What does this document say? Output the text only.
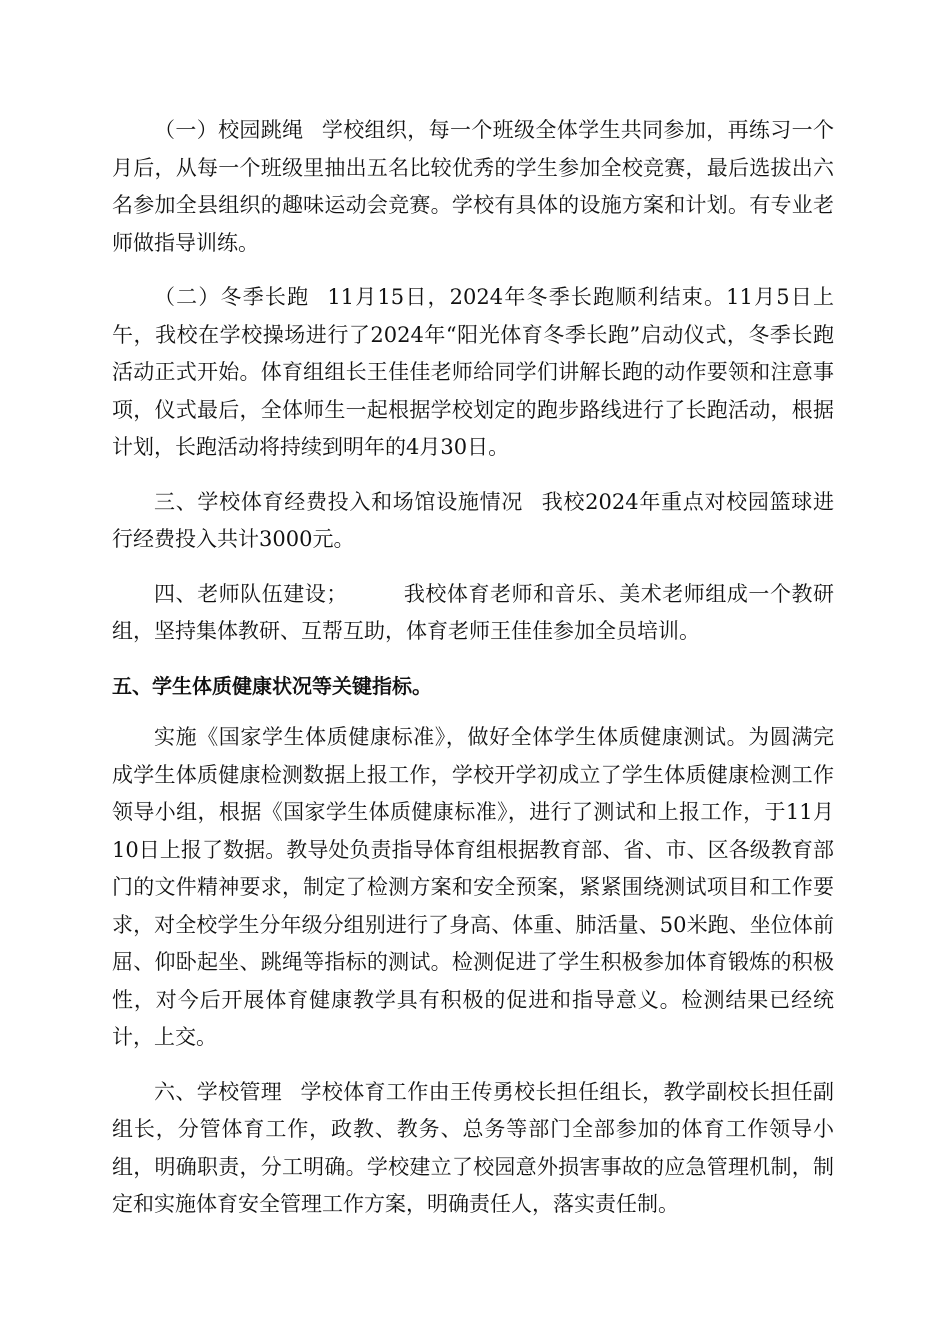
（一）校园跳绳 学校组织，每一个班级全体学生共同参加，再练习一个月后，从每一个班级里抽出五名比较优秀的学生参加全校竞赛，最后选拔出六名参加全县组织的趣味运动会竞赛。学校有具体的设施方案和计划。有专业老师做指导训练。

（二）冬季长跑 11月15日，2024年冬季长跑顺利结束。11月5日上午，我校在学校操场进行了2024年“阳光体育冬季长跑”启动仪式，冬季长跑活动正式开始。体育组组长王佳佳老师给同学们讲解长跑的动作要领和注意事项，仪式最后，全体师生一起根据学校划定的跑步路线进行了长跑活动，根据计划，长跑活动将持续到明年的4月30日。

三、学校体育经费投入和场馆设施情况 我校2024年重点对校园篮球进行经费投入共计3000元。

四、老师队伍建设；	我校体育老师和音乐、美术老师组成一个教研组，坚持集体教研、互帮互助，体育老师王佳佳参加全员培训。

五、学生体质健康状况等关键指标。

实施《国家学生体质健康标准》，做好全体学生体质健康测试。为圆满完成学生体质健康检测数据上报工作，学校开学初成立了学生体质健康检测工作领导小组，根据《国家学生体质健康标准》，进行了测试和上报工作，于11月10日上报了数据。教导处负责指导体育组根据教育部、省、市、区各级教育部门的文件精神要求，制定了检测方案和安全预案，紧紧围绕测试项目和工作要求，对全校学生分年级分组别进行了身高、体重、肺活量、50米跑、坐位体前屈、仰卧起坐、跳绳等指标的测试。检测促进了学生积极参加体育锻炼的积极性，对今后开展体育健康教学具有积极的促进和指导意义。检测结果已经统计，上交。

六、学校管理 学校体育工作由王传勇校长担任组长，教学副校长担任副组长，分管体育工作，政教、教务、总务等部门全部参加的体育工作领导小组，明确职责，分工明确。学校建立了校园意外损害事故的应急管理机制，制定和实施体育安全管理工作方案，明确责任人，落实责任制。
